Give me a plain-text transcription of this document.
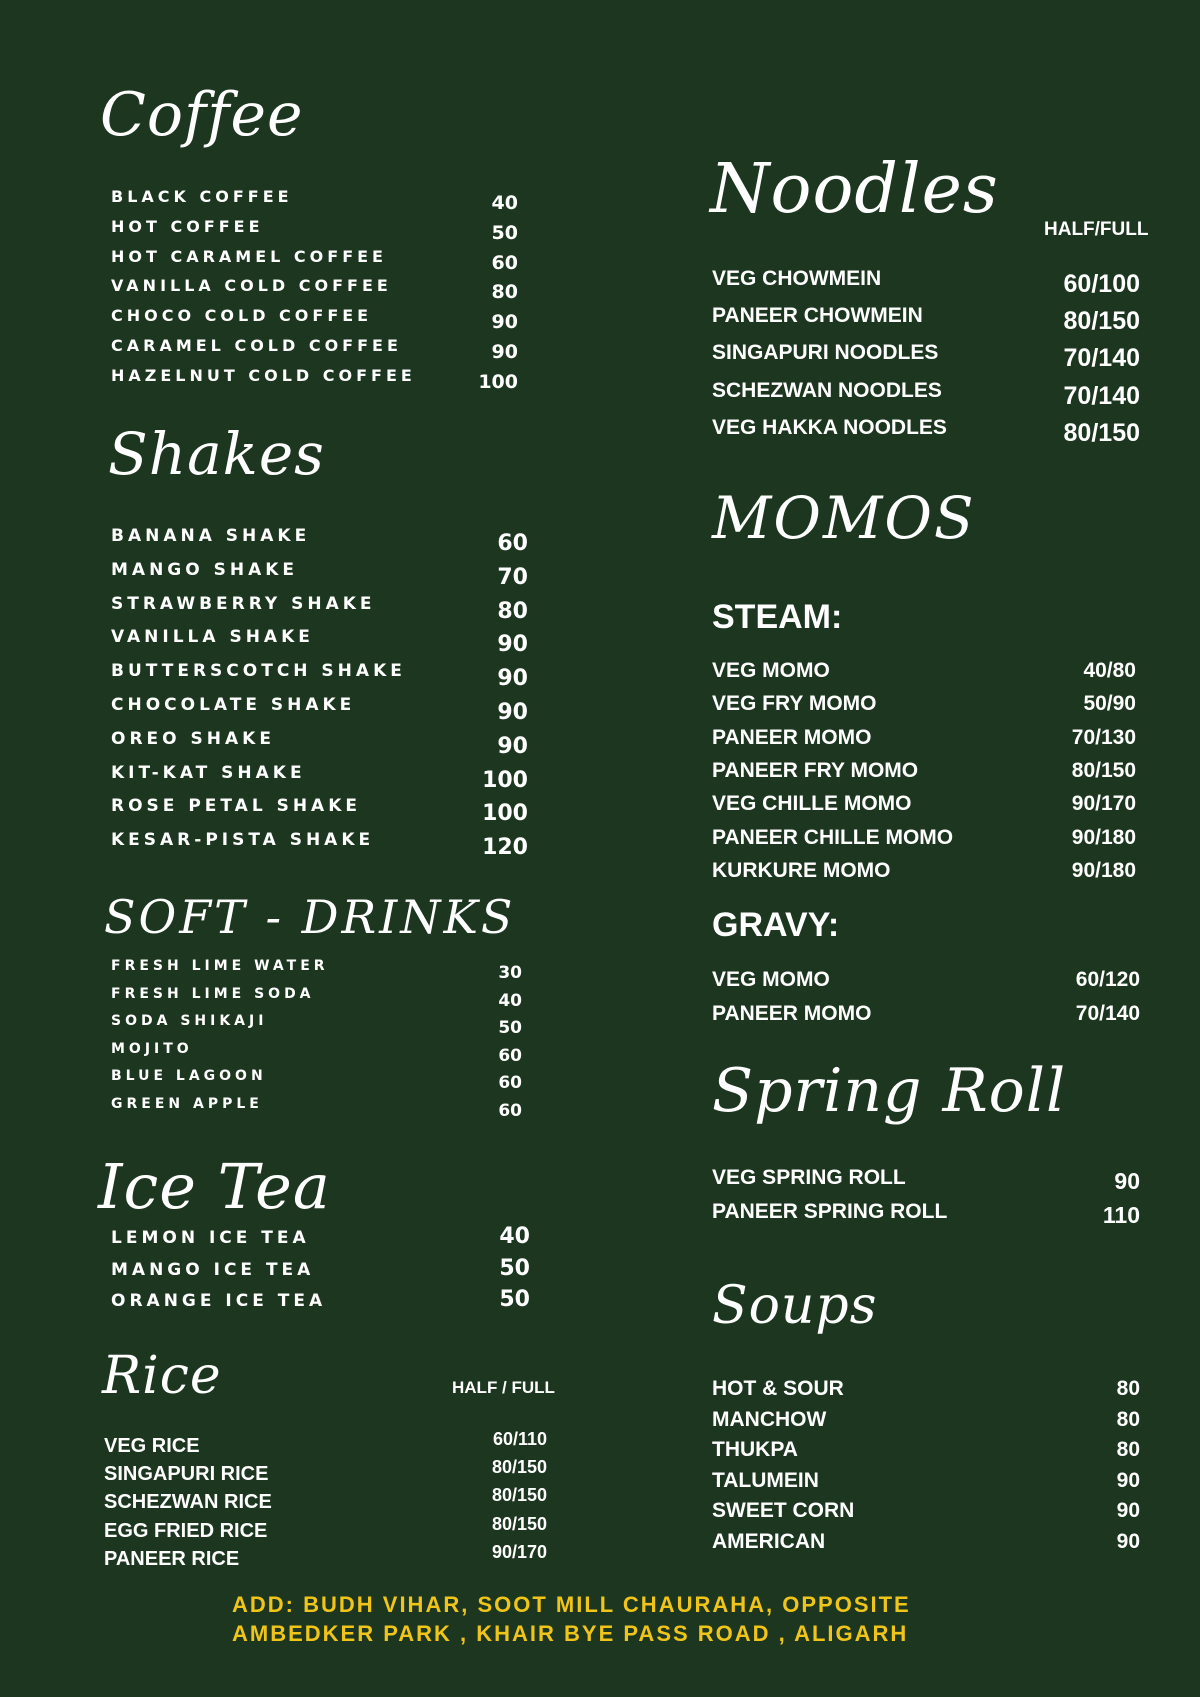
Coffee
BLACK COFFEE	40
HOT COFFEE	50
HOT CARAMEL COFFEE	60
VANILLA COLD COFFEE	80
CHOCO COLD COFFEE	90
CARAMEL COLD COFFEE	90
HAZELNUT COLD COFFEE	100
Shakes
BANANA SHAKE	60
MANGO SHAKE	70
STRAWBERRY SHAKE	80
VANILLA SHAKE	90
BUTTERSCOTCH SHAKE	90
CHOCOLATE SHAKE	90
OREO SHAKE	90
KIT-KAT SHAKE	100
ROSE PETAL SHAKE	100
KESAR-PISTA SHAKE	120
SOFT - DRINKS
FRESH LIME WATER	30
FRESH LIME SODA	40
SODA SHIKAJI	50
MOJITO	60
BLUE LAGOON	60
GREEN APPLE	60
Ice Tea
LEMON ICE TEA	40
MANGO ICE TEA	50
ORANGE ICE TEA	50
Rice	HALF / FULL
VEG RICE	60/110
SINGAPURI RICE	80/150
SCHEZWAN RICE	80/150
EGG FRIED RICE	80/150
PANEER RICE	90/170
Noodles
HALF/FULL
VEG CHOWMEIN	60/100
PANEER CHOWMEIN	80/150
SINGAPURI NOODLES	70/140
SCHEZWAN NOODLES	70/140
VEG HAKKA NOODLES	80/150
MOMOS
STEAM:
VEG MOMO	40/80
VEG FRY MOMO	50/90
PANEER MOMO	70/130
PANEER FRY MOMO	80/150
VEG CHILLE MOMO	90/170
PANEER CHILLE MOMO	90/180
KURKURE MOMO	90/180
GRAVY:
VEG MOMO	60/120
PANEER MOMO	70/140
Spring Roll
VEG SPRING ROLL	90
PANEER SPRING ROLL	110
Soups
HOT & SOUR	80
MANCHOW	80
THUKPA	80
TALUMEIN	90
SWEET CORN	90
AMERICAN	90
ADD: BUDH VIHAR, SOOT MILL CHAURAHA, OPPOSITE
AMBEDKER PARK , KHAIR BYE PASS ROAD , ALIGARH
